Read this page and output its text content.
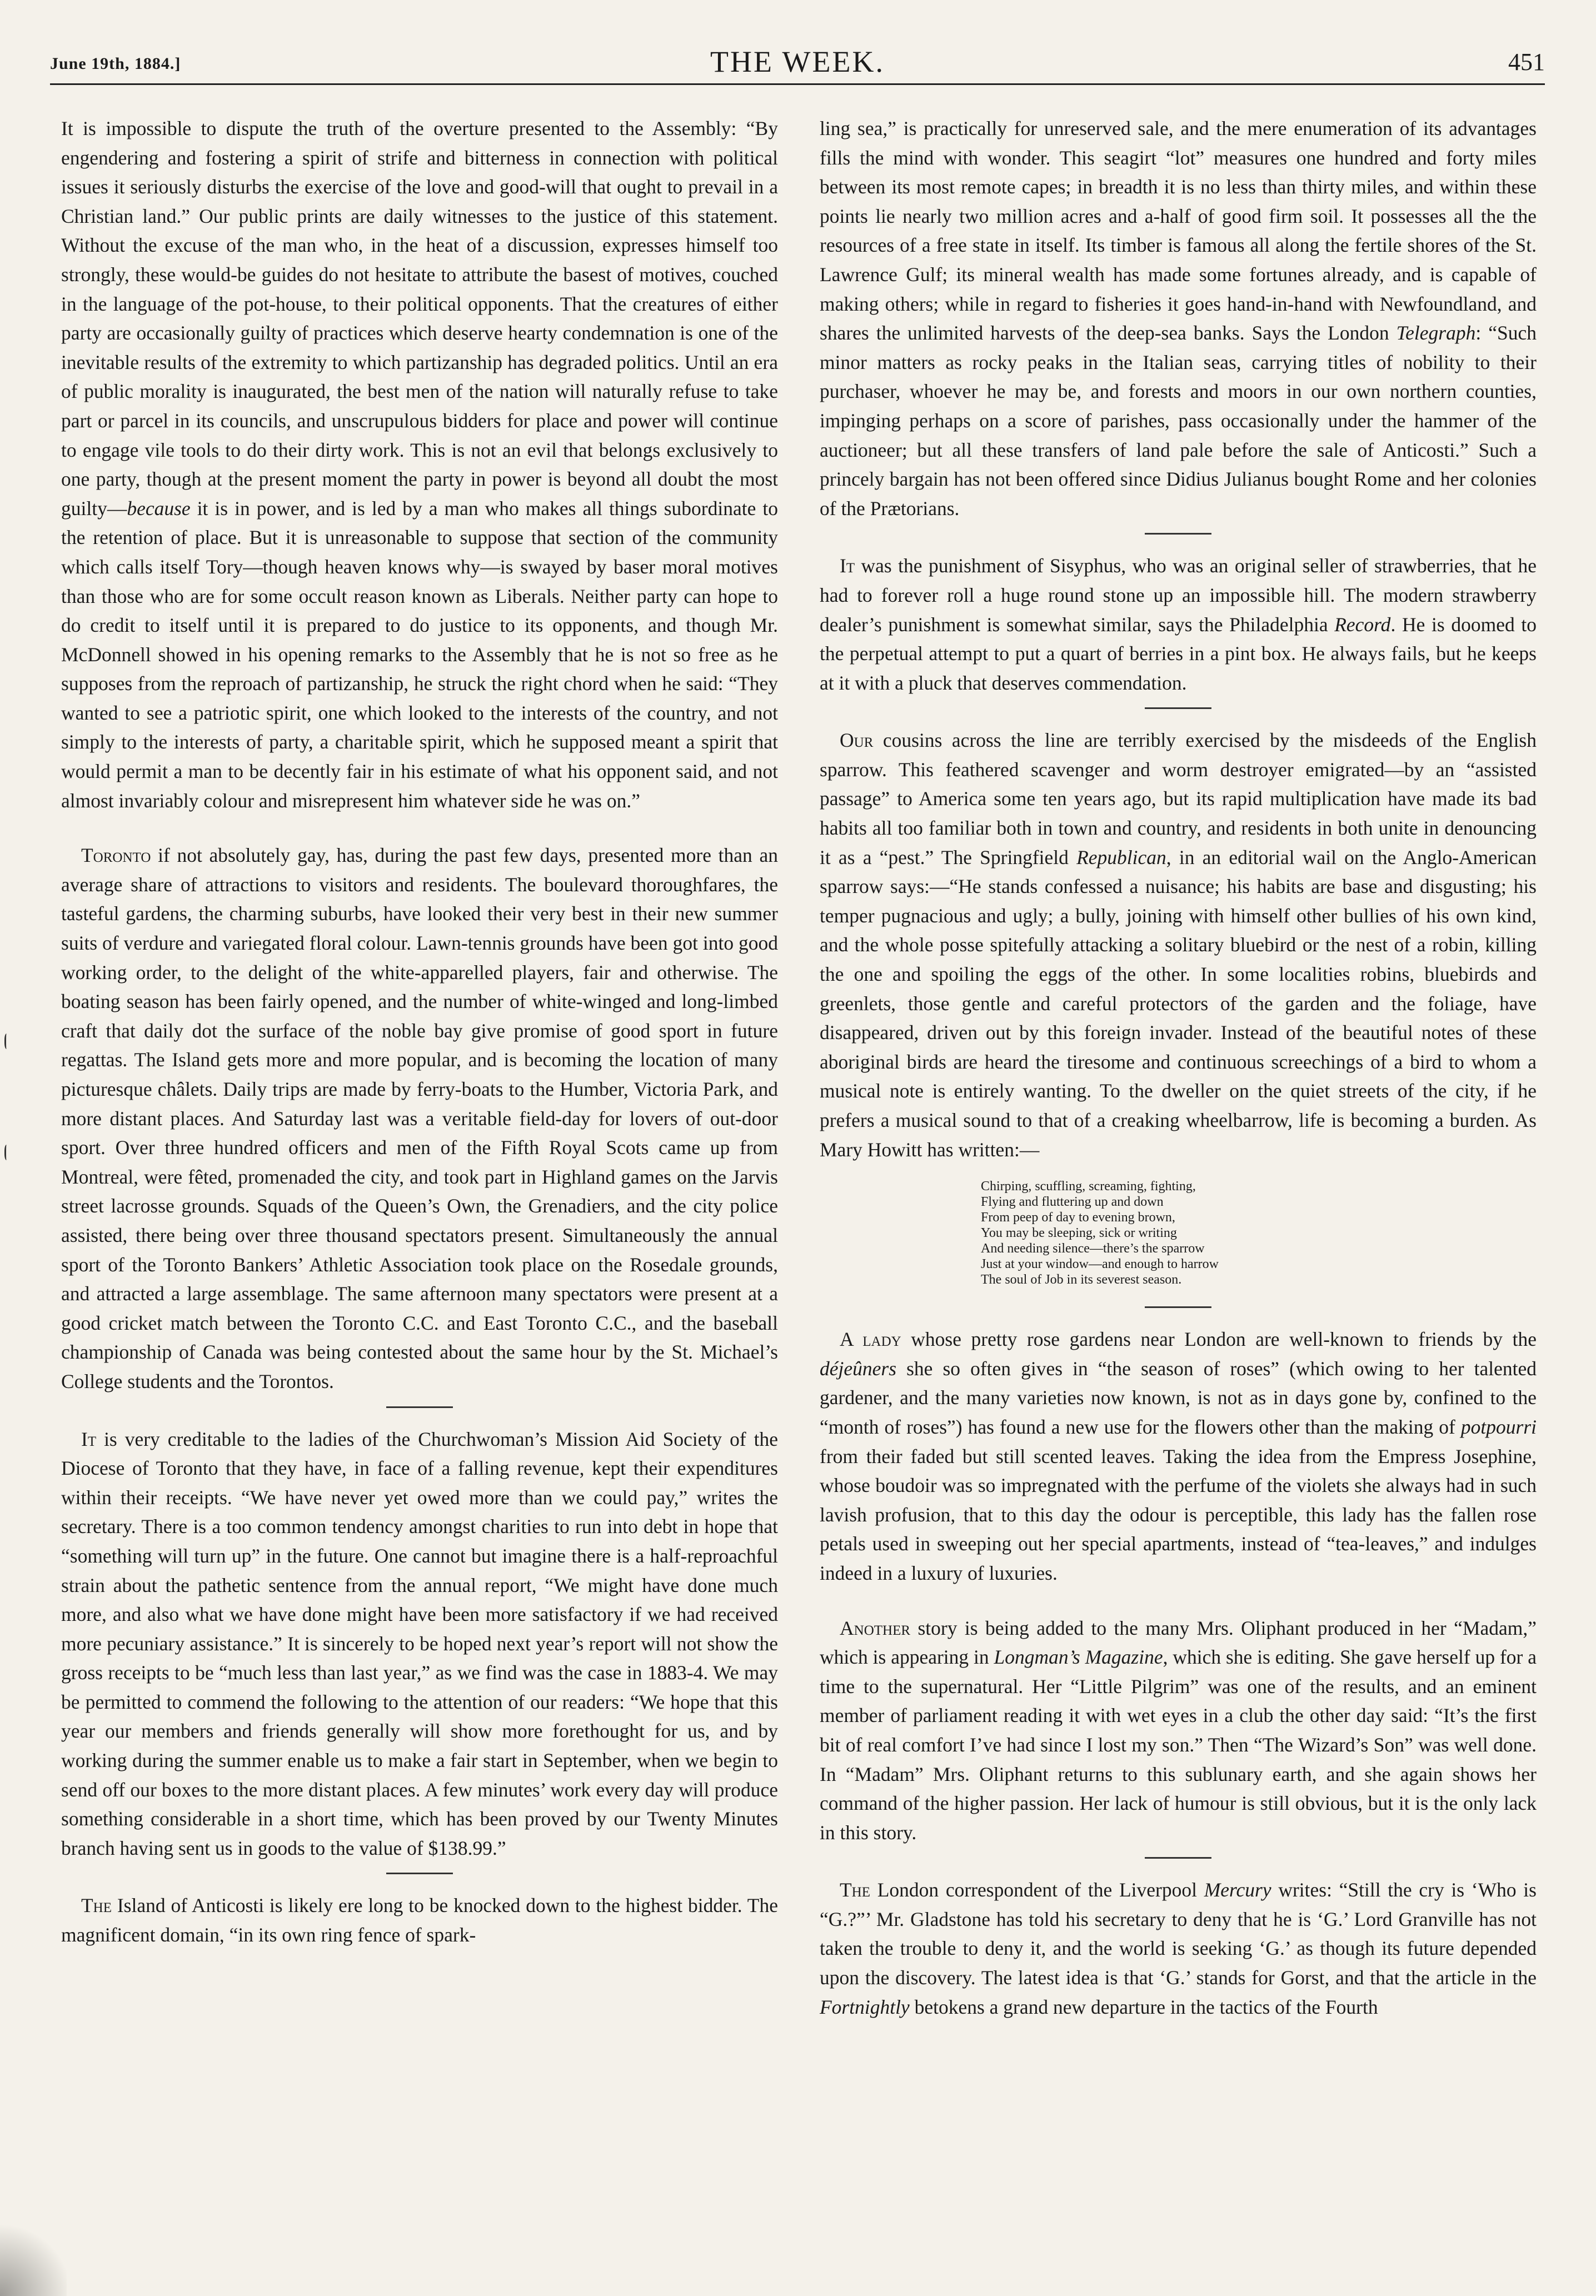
June 19th, 1884.]	THE WEEK.	451

It is impossible to dispute the truth of the overture presented to the Assembly: “By engendering and fostering a spirit of strife and bitterness in connection with political issues it seriously disturbs the exercise of the love and good-will that ought to prevail in a Christian land.” Our public prints are daily witnesses to the justice of this statement. Without the excuse of the man who, in the heat of a discussion, expresses himself too strongly, these would-be guides do not hesitate to attribute the basest of motives, couched in the language of the pot-house, to their political opponents. That the creatures of either party are occasionally guilty of practices which deserve hearty condemnation is one of the inevitable results of the extremity to which partizanship has degraded politics. Until an era of public morality is inaugurated, the best men of the nation will naturally refuse to take part or parcel in its councils, and unscrupulous bidders for place and power will continue to engage vile tools to do their dirty work. This is not an evil that belongs exclusively to one party, though at the present moment the party in power is beyond all doubt the most guilty—because it is in power, and is led by a man who makes all things subordinate to the retention of place. But it is unreasonable to suppose that section of the community which calls itself Tory—though heaven knows why—is swayed by baser moral motives than those who are for some occult reason known as Liberals. Neither party can hope to do credit to itself until it is prepared to do justice to its opponents, and though Mr. McDonnell showed in his opening remarks to the Assembly that he is not so free as he supposes from the reproach of partizanship, he struck the right chord when he said: “They wanted to see a patriotic spirit, one which looked to the interests of the country, and not simply to the interests of party, a charitable spirit, which he supposed meant a spirit that would permit a man to be decently fair in his estimate of what his opponent said, and not almost invariably colour and misrepresent him whatever side he was on.”

Toronto if not absolutely gay, has, during the past few days, presented more than an average share of attractions to visitors and residents. The boulevard thoroughfares, the tasteful gardens, the charming suburbs, have looked their very best in their new summer suits of verdure and variegated floral colour. Lawn-tennis grounds have been got into good working order, to the delight of the white-apparelled players, fair and otherwise. The boating season has been fairly opened, and the number of white-winged and long-limbed craft that daily dot the surface of the noble bay give promise of good sport in future regattas. The Island gets more and more popular, and is becoming the location of many picturesque châlets. Daily trips are made by ferry-boats to the Humber, Victoria Park, and more distant places. And Saturday last was a veritable field-day for lovers of out-door sport. Over three hundred officers and men of the Fifth Royal Scots came up from Montreal, were fêted, promenaded the city, and took part in Highland games on the Jarvis street lacrosse grounds. Squads of the Queen’s Own, the Grenadiers, and the city police assisted, there being over three thousand spectators present. Simultaneously the annual sport of the Toronto Bankers’ Athletic Association took place on the Rosedale grounds, and attracted a large assemblage. The same afternoon many spectators were present at a good cricket match between the Toronto C.C. and East Toronto C.C., and the baseball championship of Canada was being contested about the same hour by the St. Michael’s College students and the Torontos.

It is very creditable to the ladies of the Churchwoman’s Mission Aid Society of the Diocese of Toronto that they have, in face of a falling revenue, kept their expenditures within their receipts. “We have never yet owed more than we could pay,” writes the secretary. There is a too common tendency amongst charities to run into debt in hope that “something will turn up” in the future. One cannot but imagine there is a half-reproachful strain about the pathetic sentence from the annual report, “We might have done much more, and also what we have done might have been more satisfactory if we had received more pecuniary assistance.” It is sincerely to be hoped next year’s report will not show the gross receipts to be “much less than last year,” as we find was the case in 1883-4. We may be permitted to commend the following to the attention of our readers: “We hope that this year our members and friends generally will show more forethought for us, and by working during the summer enable us to make a fair start in September, when we begin to send off our boxes to the more distant places. A few minutes’ work every day will produce something considerable in a short time, which has been proved by our Twenty Minutes branch having sent us in goods to the value of $138.99.”

The Island of Anticosti is likely ere long to be knocked down to the highest bidder. The magnificent domain, “in its own ring fence of spark-

ling sea,” is practically for unreserved sale, and the mere enumeration of its advantages fills the mind with wonder. This seagirt “lot” measures one hundred and forty miles between its most remote capes; in breadth it is no less than thirty miles, and within these points lie nearly two million acres and a-half of good firm soil. It possesses all the the resources of a free state in itself. Its timber is famous all along the fertile shores of the St. Lawrence Gulf; its mineral wealth has made some fortunes already, and is capable of making others; while in regard to fisheries it goes hand-in-hand with Newfoundland, and shares the unlimited harvests of the deep-sea banks. Says the London Telegraph: “Such minor matters as rocky peaks in the Italian seas, carrying titles of nobility to their purchaser, whoever he may be, and forests and moors in our own northern counties, impinging perhaps on a score of parishes, pass occasionally under the hammer of the auctioneer; but all these transfers of land pale before the sale of Anticosti.” Such a princely bargain has not been offered since Didius Julianus bought Rome and her colonies of the Prætorians.

It was the punishment of Sisyphus, who was an original seller of strawberries, that he had to forever roll a huge round stone up an impossible hill. The modern strawberry dealer’s punishment is somewhat similar, says the Philadelphia Record. He is doomed to the perpetual attempt to put a quart of berries in a pint box. He always fails, but he keeps at it with a pluck that deserves commendation.

Our cousins across the line are terribly exercised by the misdeeds of the English sparrow. This feathered scavenger and worm destroyer emigrated—by an “assisted passage” to America some ten years ago, but its rapid multiplication have made its bad habits all too familiar both in town and country, and residents in both unite in denouncing it as a “pest.” The Springfield Republican, in an editorial wail on the Anglo-American sparrow says:—“He stands confessed a nuisance; his habits are base and disgusting; his temper pugnacious and ugly; a bully, joining with himself other bullies of his own kind, and the whole posse spitefully attacking a solitary bluebird or the nest of a robin, killing the one and spoiling the eggs of the other. In some localities robins, bluebirds and greenlets, those gentle and careful protectors of the garden and the foliage, have disappeared, driven out by this foreign invader. Instead of the beautiful notes of these aboriginal birds are heard the tiresome and continuous screechings of a bird to whom a musical note is entirely wanting. To the dweller on the quiet streets of the city, if he prefers a musical sound to that of a creaking wheelbarrow, life is becoming a burden. As Mary Howitt has written:—

Chirping, scuffling, screaming, fighting,
Flying and fluttering up and down
From peep of day to evening brown,
You may be sleeping, sick or writing
And needing silence—there’s the sparrow
Just at your window—and enough to harrow
The soul of Job in its severest season.

A lady whose pretty rose gardens near London are well-known to friends by the déjeûners she so often gives in “the season of roses” (which owing to her talented gardener, and the many varieties now known, is not as in days gone by, confined to the “month of roses”) has found a new use for the flowers other than the making of potpourri from their faded but still scented leaves. Taking the idea from the Empress Josephine, whose boudoir was so impregnated with the perfume of the violets she always had in such lavish profusion, that to this day the odour is perceptible, this lady has the fallen rose petals used in sweeping out her special apartments, instead of “tea-leaves,” and indulges indeed in a luxury of luxuries.

Another story is being added to the many Mrs. Oliphant produced in her “Madam,” which is appearing in Longman’s Magazine, which she is editing. She gave herself up for a time to the supernatural. Her “Little Pilgrim” was one of the results, and an eminent member of parliament reading it with wet eyes in a club the other day said: “It’s the first bit of real comfort I’ve had since I lost my son.” Then “The Wizard’s Son” was well done. In “Madam” Mrs. Oliphant returns to this sublunary earth, and she again shows her command of the higher passion. Her lack of humour is still obvious, but it is the only lack in this story.

The London correspondent of the Liverpool Mercury writes: “Still the cry is ‘Who is “G.?”’ Mr. Gladstone has told his secretary to deny that he is ‘G.’ Lord Granville has not taken the trouble to deny it, and the world is seeking ‘G.’ as though its future depended upon the discovery. The latest idea is that ‘G.’ stands for Gorst, and that the article in the Fortnightly betokens a grand new departure in the tactics of the Fourth
